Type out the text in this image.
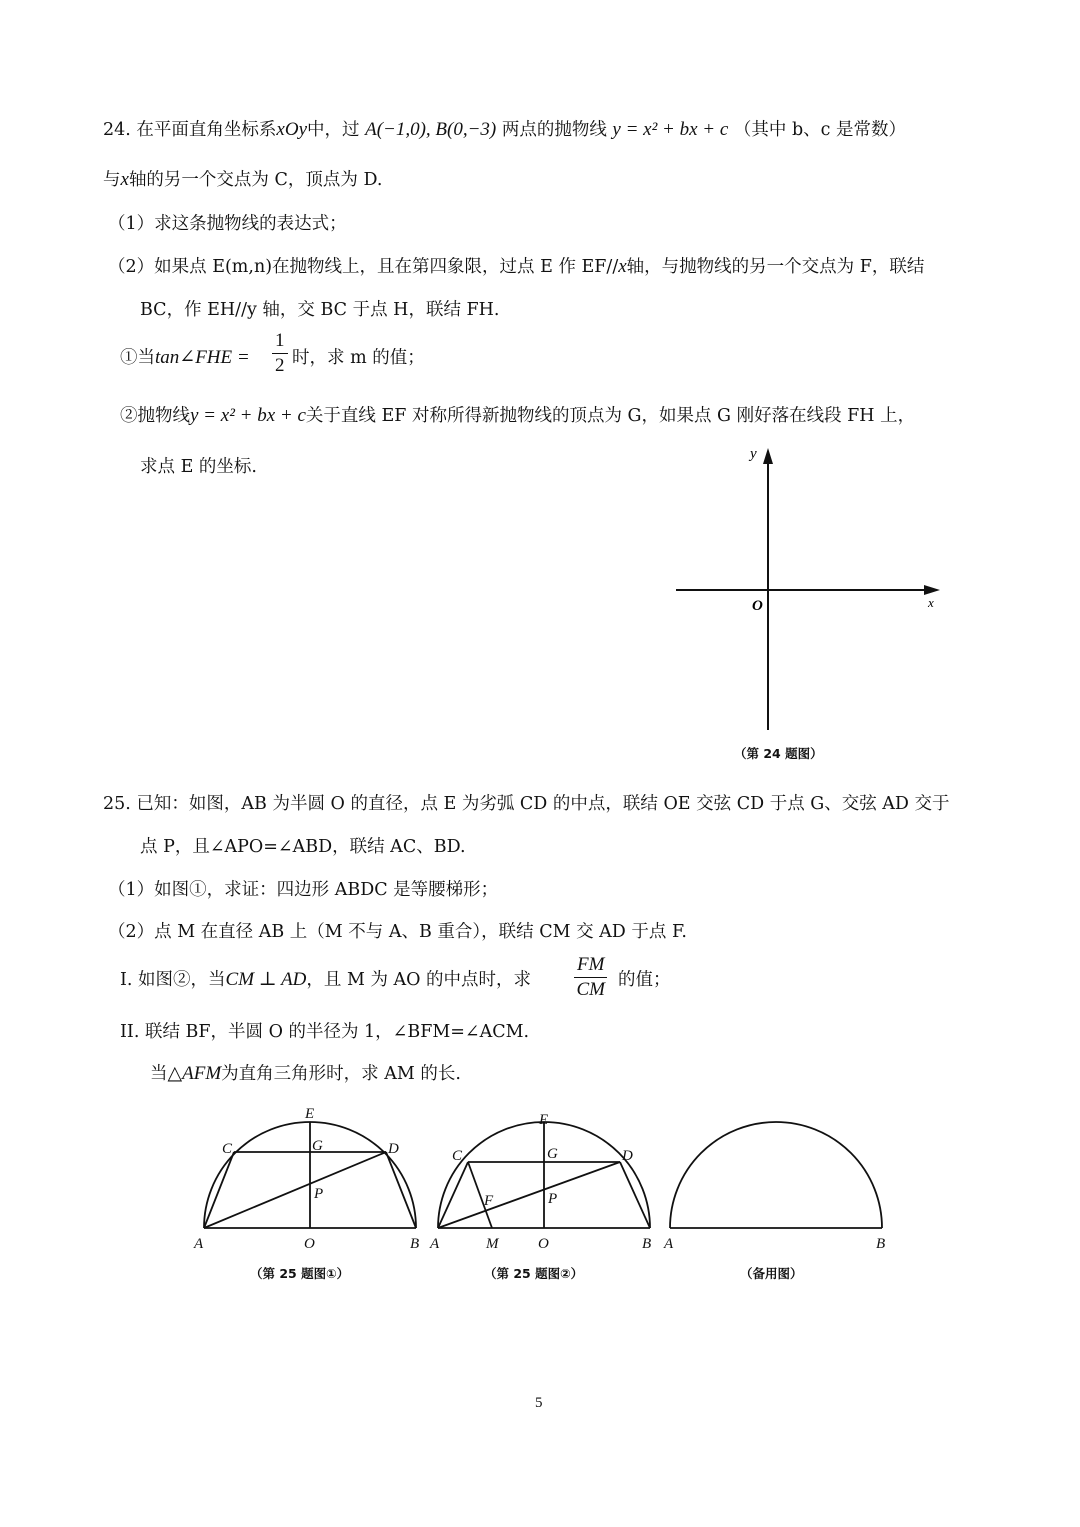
24. 在平面直角坐标系xOy中，过 A(−1,0), B(0,−3) 两点的抛物线 y = x² + bx + c （其中 b、c 是常数）
与x轴的另一个交点为 C，顶点为 D.
（1）求这条抛物线的表达式；
（2）如果点 E(m,n)在抛物线上，且在第四象限，过点 E 作 EF//x轴，与抛物线的另一个交点为 F，联结
BC，作 EH//y 轴，交 BC 于点 H，联结 FH.
①当tan∠FHE = $\frac{1}{2}$ 时，求 m 的值；
②抛物线y = x² + bx + c关于直线 EF 对称所得新抛物线的顶点为 G，如果点 G 刚好落在线段 FH 上，
求点 E 的坐标.
y
x
O
（第 24 题图）
25. 已知：如图，AB 为半圆 O 的直径，点 E 为劣弧 CD 的中点，联结 OE 交弦 CD 于点 G、交弦 AD 交于
点 P，且∠APO=∠ABD，联结 AC、BD.
（1）如图①，求证：四边形 ABDC 是等腰梯形；
（2）点 M 在直径 AB 上（M 不与 A、B 重合），联结 CM 交 AD 于点 F.
I. 如图②，当CM ⊥ AD，且 M 为 AO 的中点时，求 $\frac{FM}{CM}$ 的值；
II. 联结 BF，半圆 O 的半径为 1，∠BFM=∠ACM.
当△AFM为直角三角形时，求 AM 的长.
E
C	G	D
P
A	O	B
E
C	G	D
F	P
A	M	O	B A	B
（第 25 题图①）	（第 25 题图②）	（备用图）
5
